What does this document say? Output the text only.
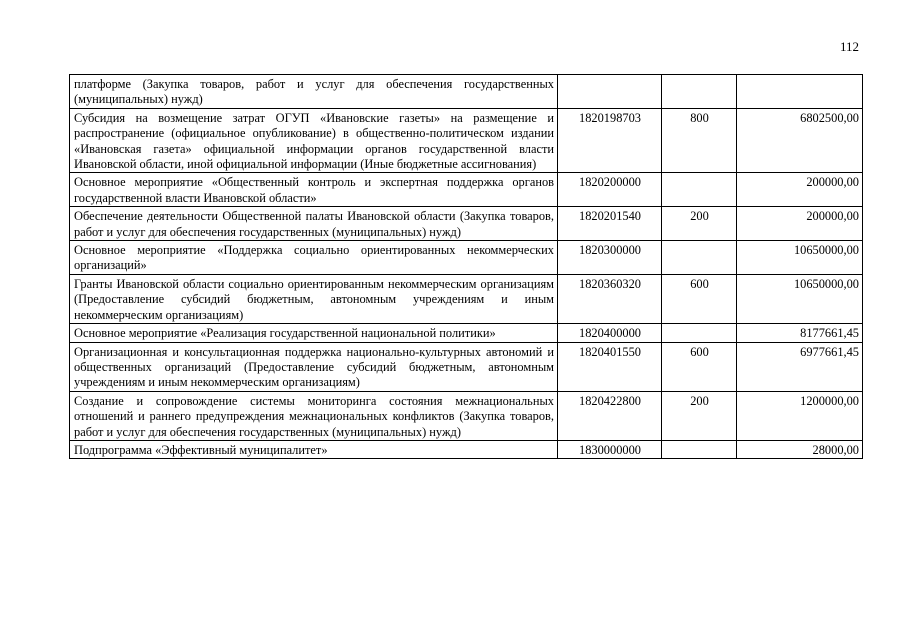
112
платформе (Закупка товаров, работ и услуг для обеспечения государственных (муниципальных) нужд)			
Субсидия на возмещение затрат ОГУП «Ивановские газеты» на размещение и распространение (официальное опубликование) в общественно-политическом издании «Ивановская газета» официальной информации органов государственной власти Ивановской области, иной официальной информации (Иные бюджетные ассигнования)	1820198703	800	6802500,00
Основное мероприятие «Общественный контроль и экспертная поддержка органов государственной власти Ивановской области»	1820200000		200000,00
Обеспечение деятельности Общественной палаты Ивановской области (Закупка товаров, работ и услуг для обеспечения государственных (муниципальных) нужд)	1820201540	200	200000,00
Основное мероприятие «Поддержка социально ориентированных некоммерческих организаций»	1820300000		10650000,00
Гранты Ивановской области социально ориентированным некоммерческим организациям (Предоставление субсидий бюджетным, автономным учреждениям и иным некоммерческим организациям)	1820360320	600	10650000,00
Основное мероприятие «Реализация государственной национальной политики»	1820400000		8177661,45
Организационная и консультационная поддержка национально-культурных автономий и общественных организаций (Предоставление субсидий бюджетным, автономным учреждениям и иным некоммерческим организациям)	1820401550	600	6977661,45
Создание и сопровождение системы мониторинга состояния межнациональных отношений и раннего предупреждения межнациональных конфликтов (Закупка товаров, работ и услуг для обеспечения государственных (муниципальных) нужд)	1820422800	200	1200000,00
Подпрограмма «Эффективный муниципалитет»	1830000000		28000,00
